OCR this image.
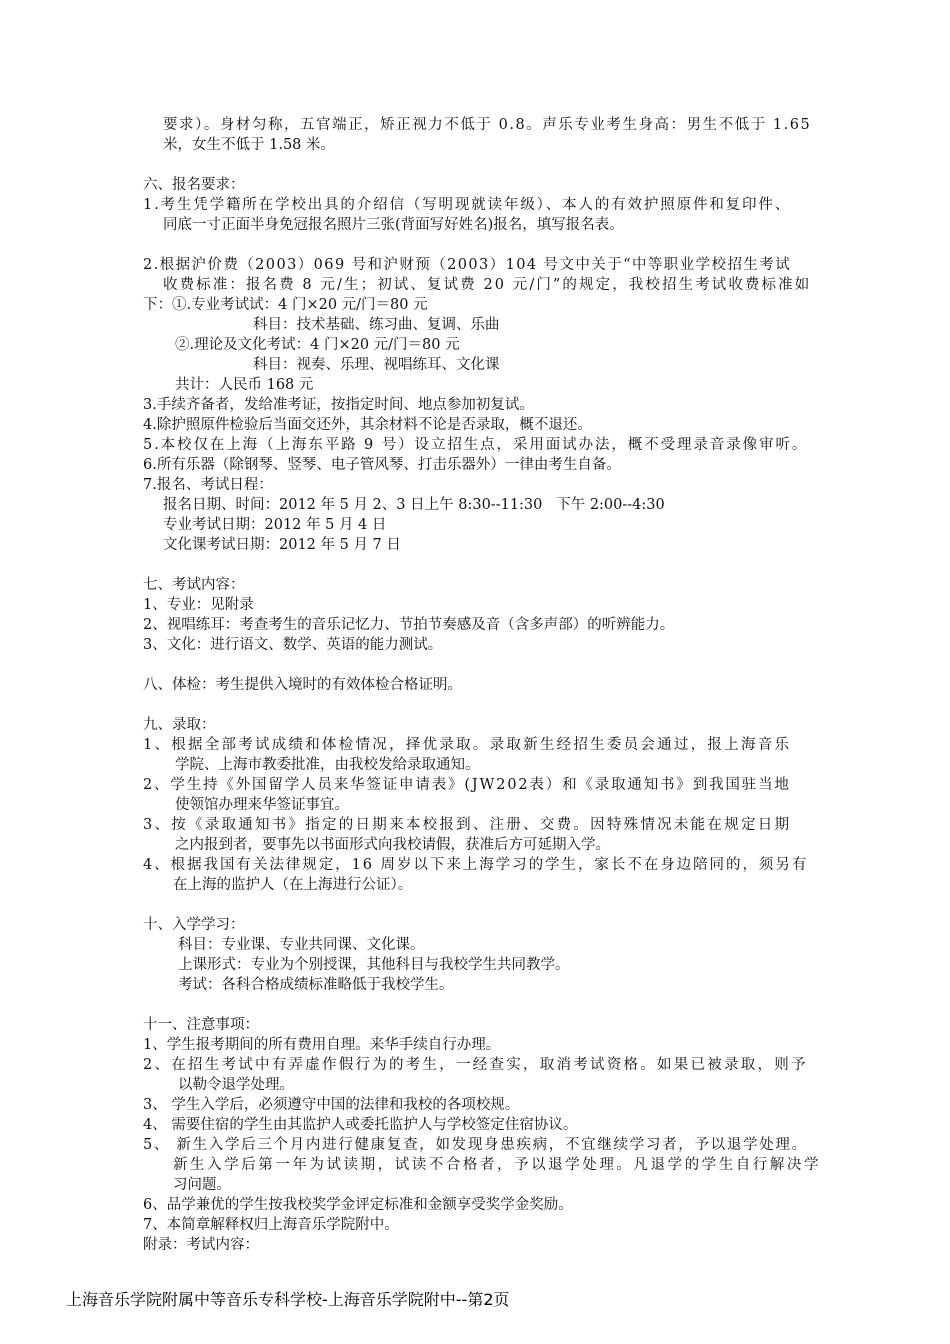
要求）。身材匀称，五官端正，矫正视力不低于 0.8。声乐专业考生身高：男生不低于 1.65
米，女生不低于 1.58 米。
六、报名要求：
1.考生凭学籍所在学校出具的介绍信（写明现就读年级）、本人的有效护照原件和复印件、
同底一寸正面半身免冠报名照片三张(背面写好姓名)报名，填写报名表。
2.根据沪价费（2003）069 号和沪财预（2003）104 号文中关于“中等职业学校招生考试
收费标准：报名费 8 元/生；初试、复试费 20 元/门”的规定，我校招生考试收费标准如
下：①.专业考试试：4 门×20 元/门＝80 元
科目：技术基础、练习曲、复调、乐曲
②.理论及文化考试：4 门×20 元/门＝80 元
科目：视奏、乐理、视唱练耳、文化课
共计：人民币 168 元
3.手续齐备者，发给准考证，按指定时间、地点参加初复试。
4.除护照原件检验后当面交还外，其余材料不论是否录取，概不退还。
5.本校仅在上海（上海东平路 9 号）设立招生点，采用面试办法，概不受理录音录像审听。
6.所有乐器（除钢琴、竖琴、电子管风琴、打击乐器外）一律由考生自备。
7.报名、考试日程：
报名日期、时间：2012 年 5 月 2、3 日上午 8:30--11:30   下午 2:00--4:30
专业考试日期：2012 年 5 月 4 日
文化课考试日期：2012 年 5 月 7 日
七、考试内容：
1、专业：见附录
2、视唱练耳：考查考生的音乐记忆力、节拍节奏感及音（含多声部）的听辨能力。
3、文化：进行语文、数学、英语的能力测试。
八、体检：考生提供入境时的有效体检合格证明。
九、录取：
1、根据全部考试成绩和体检情况，择优录取。录取新生经招生委员会通过，报上海音乐
学院、上海市教委批准，由我校发给录取通知。
2、学生持《外国留学人员来华签证申请表》(JW202表）和《录取通知书》到我国驻当地
使领馆办理来华签证事宜。
3、按《录取通知书》指定的日期来本校报到、注册、交费。因特殊情况未能在规定日期
之内报到者，要事先以书面形式向我校请假，获准后方可延期入学。
4、根据我国有关法律规定，16 周岁以下来上海学习的学生，家长不在身边陪同的，须另有
在上海的监护人（在上海进行公证）。
十、入学学习：
科目：专业课、专业共同课、文化课。
上课形式：专业为个别授课，其他科目与我校学生共同教学。
考试：各科合格成绩标准略低于我校学生。
十一、注意事项：
1、学生报考期间的所有费用自理。来华手续自行办理。
2、在招生考试中有弄虚作假行为的考生，一经查实，取消考试资格。如果已被录取，则予
以勒令退学处理。
3、 学生入学后，必须遵守中国的法律和我校的各项校规。
4、 需要住宿的学生由其监护人或委托监护人与学校签定住宿协议。
5、 新生入学后三个月内进行健康复查，如发现身患疾病，不宜继续学习者，予以退学处理。
新生入学后第一年为试读期，试读不合格者，予以退学处理。凡退学的学生自行解决学
习问题。
6、品学兼优的学生按我校奖学金评定标准和金额享受奖学金奖励。
7、本简章解释权归上海音乐学院附中。
附录：考试内容：
上海音乐学院附属中等音乐专科学校-上海音乐学院附中--第2页
